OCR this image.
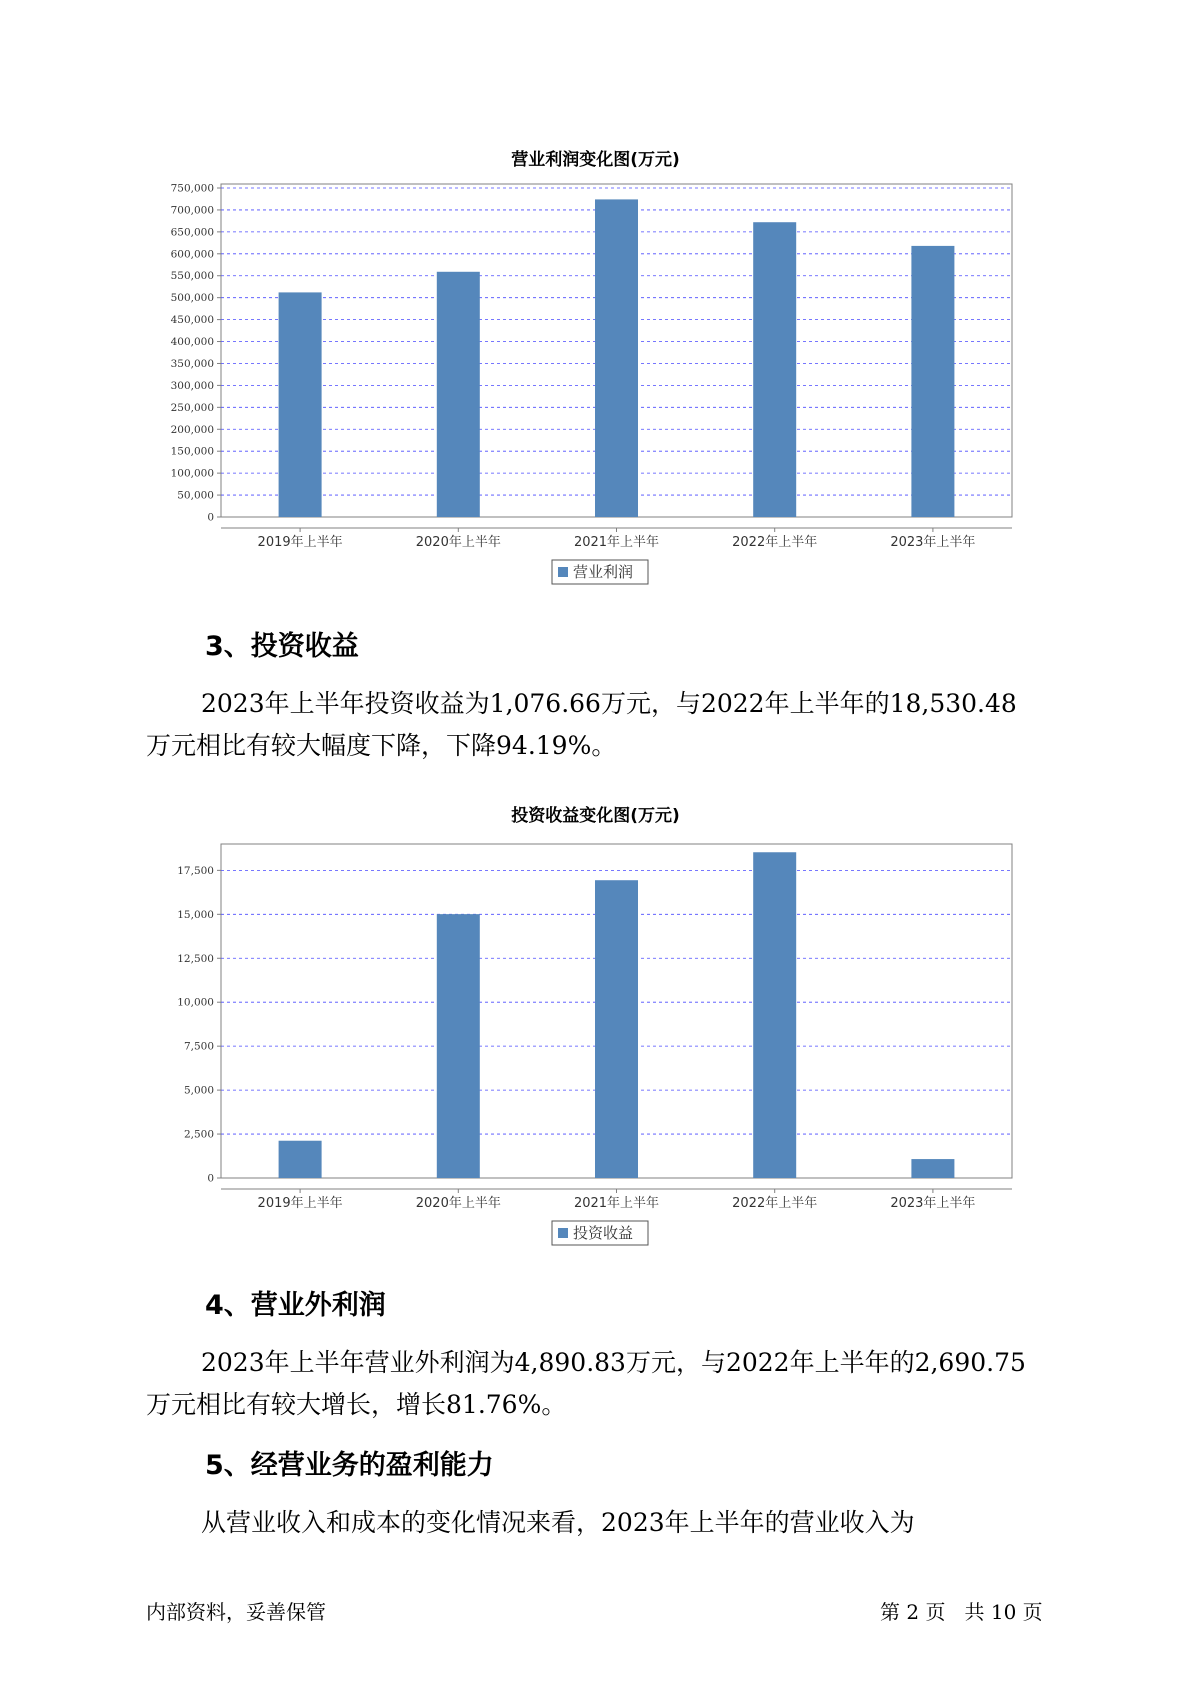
营业利润变化图(万元)
0
50,000
100,000
150,000
200,000
250,000
300,000
350,000
400,000
450,000
500,000
550,000
600,000
650,000
700,000
750,000
2019年上半年	2020年上半年	2021年上半年	2022年上半年	2023年上半年
营业利润
3、投资收益
2023年上半年投资收益为1,076.66万元，与2022年上半年的18,530.48
万元相比有较大幅度下降，下降94.19%。
投资收益变化图(万元)
0
2,500
5,000
7,500
10,000
12,500
15,000
17,500
2019年上半年	2020年上半年	2021年上半年	2022年上半年	2023年上半年
投资收益
4、营业外利润
2023年上半年营业外利润为4,890.83万元，与2022年上半年的2,690.75
万元相比有较大增长，增长81.76%。
5、经营业务的盈利能力
从营业收入和成本的变化情况来看，2023年上半年的营业收入为
内部资料，妥善保管	第 2 页   共 10 页
